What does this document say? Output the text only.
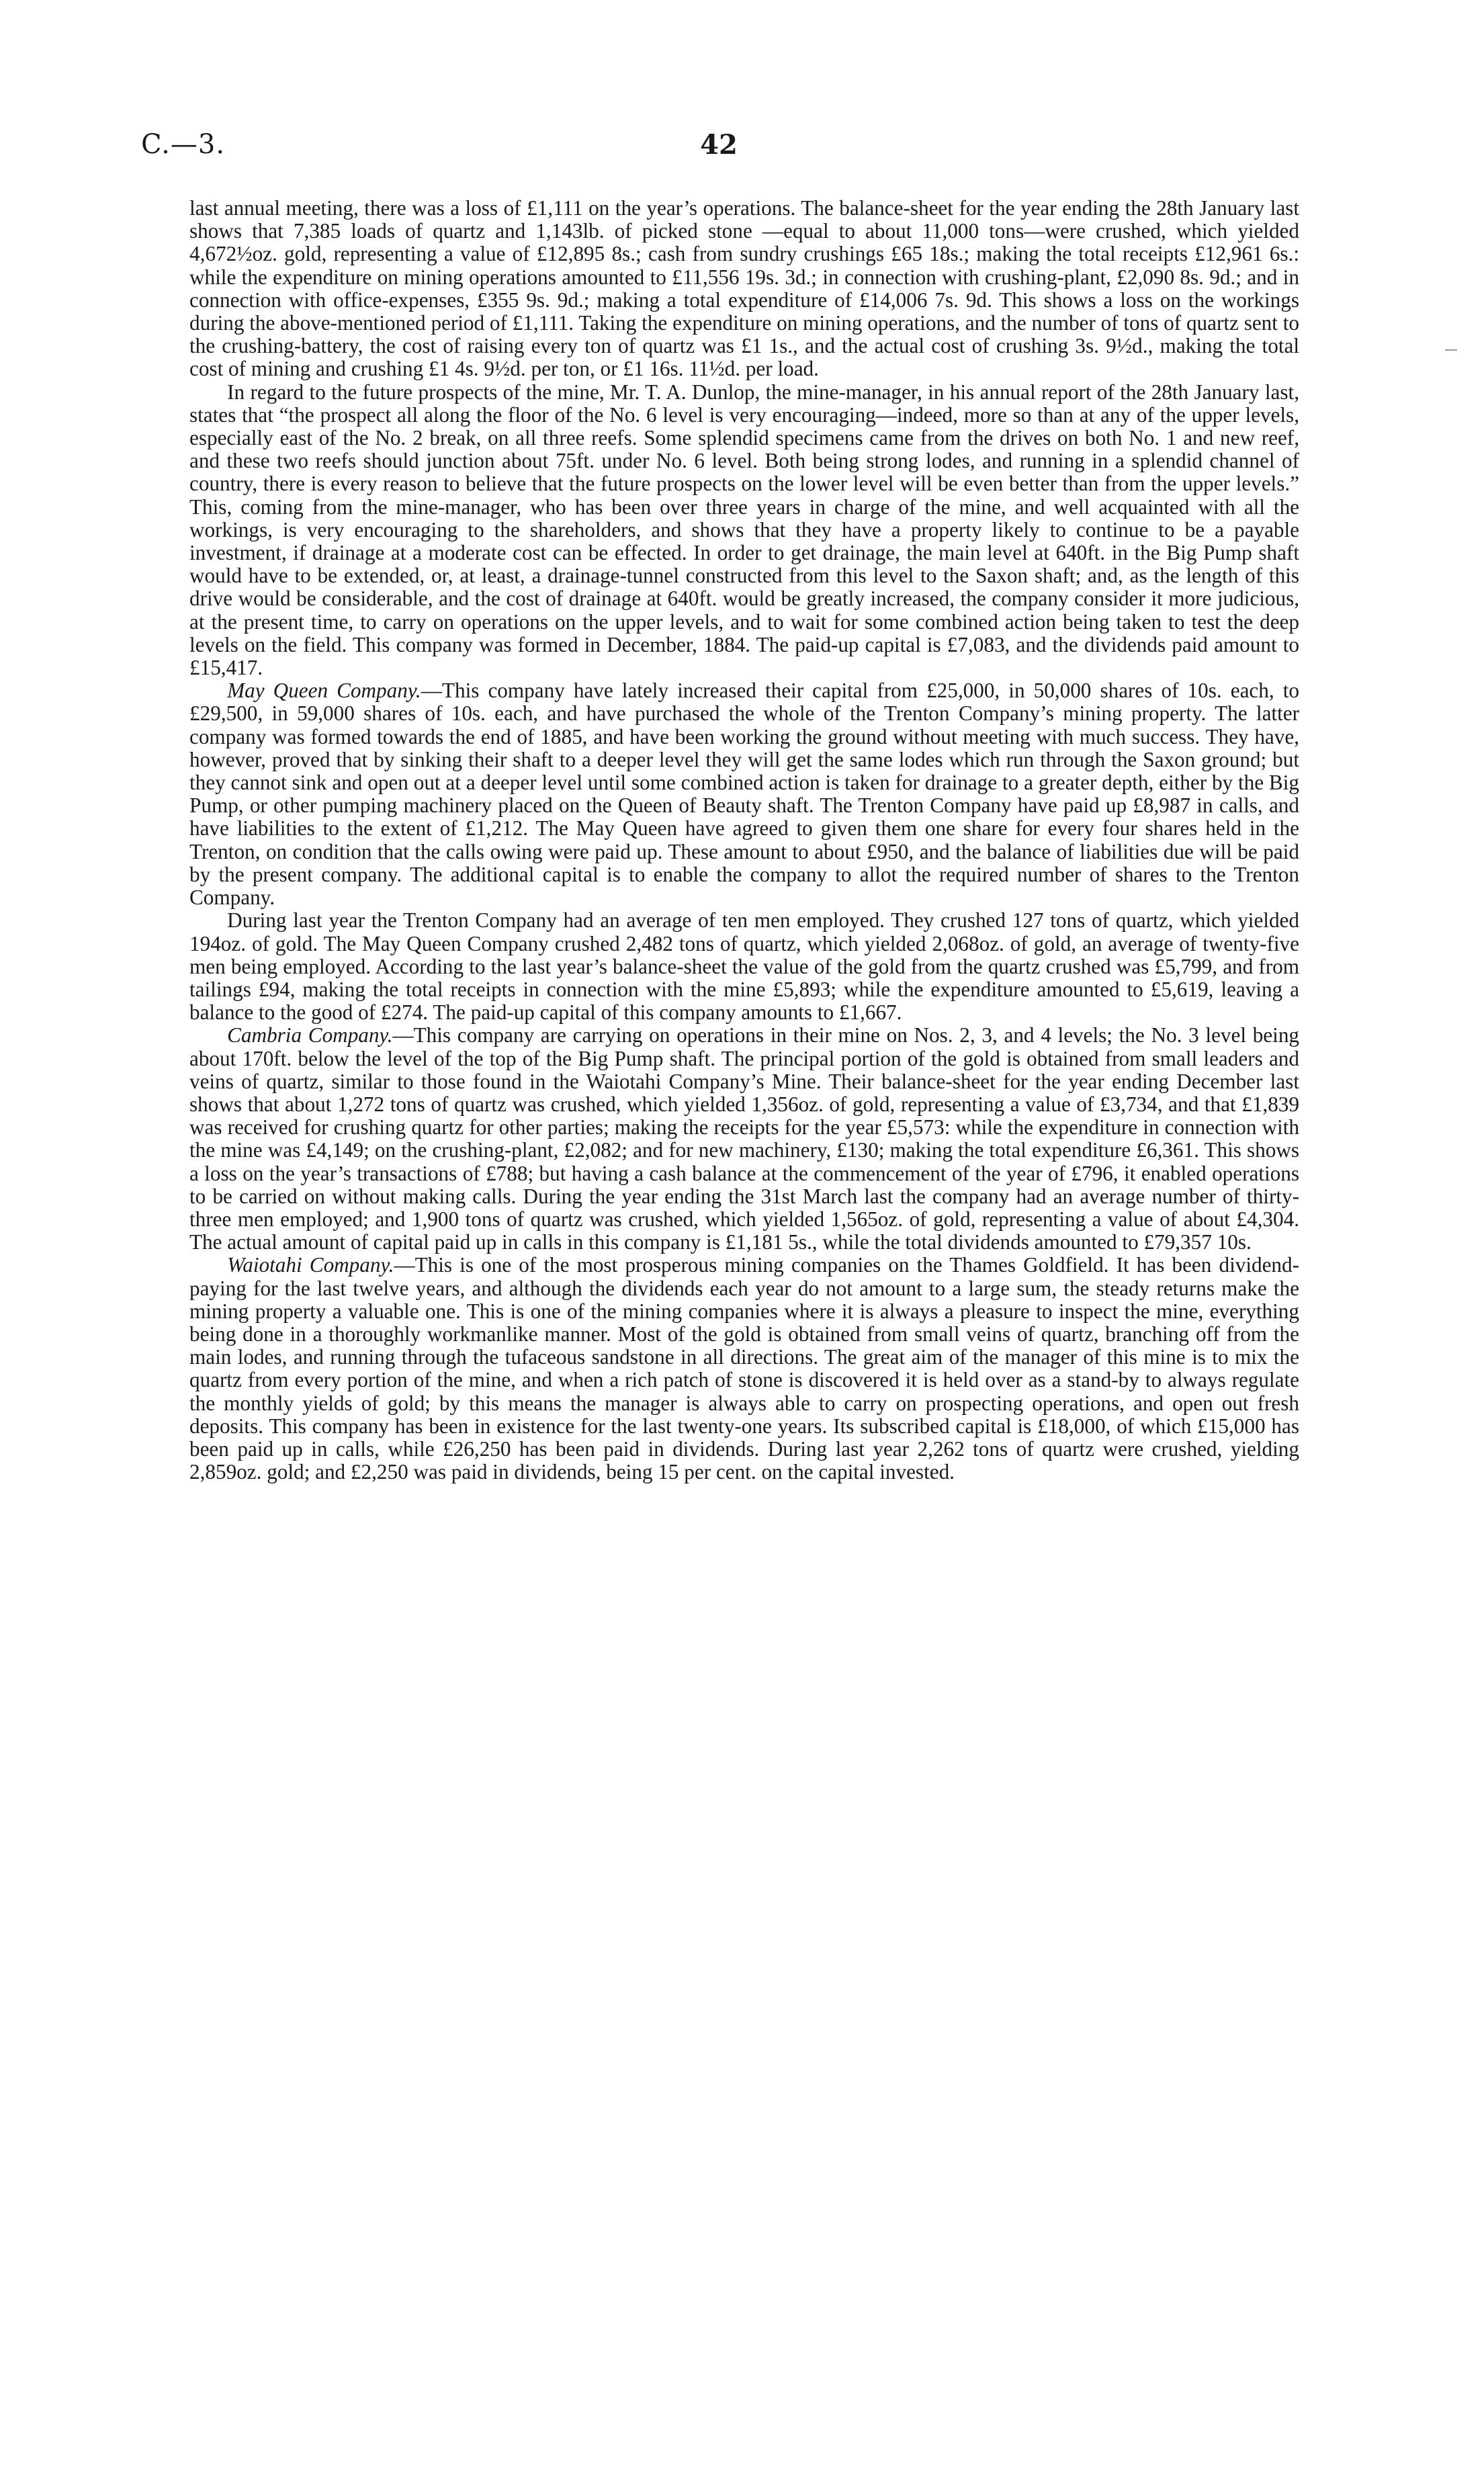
C.—3.	42

last annual meeting, there was a loss of £1,111 on the year’s operations. The balance-sheet for the year ending the 28th January last shows that 7,385 loads of quartz and 1,143lb. of picked stone —equal to about 11,000 tons—were crushed, which yielded 4,672½oz. gold, representing a value of £12,895 8s.; cash from sundry crushings £65 18s.; making the total receipts £12,961 6s.: while the expenditure on mining operations amounted to £11,556 19s. 3d.; in connection with crushing-plant, £2,090 8s. 9d.; and in connection with office-expenses, £355 9s. 9d.; making a total expenditure of £14,006 7s. 9d. This shows a loss on the workings during the above-mentioned period of £1,111. Taking the expenditure on mining operations, and the number of tons of quartz sent to the crushing-battery, the cost of raising every ton of quartz was £1 1s., and the actual cost of crushing 3s. 9½d., making the total cost of mining and crushing £1 4s. 9½d. per ton, or £1 16s. 11½d. per load.

In regard to the future prospects of the mine, Mr. T. A. Dunlop, the mine-manager, in his annual report of the 28th January last, states that “the prospect all along the floor of the No. 6 level is very encouraging—indeed, more so than at any of the upper levels, especially east of the No. 2 break, on all three reefs. Some splendid specimens came from the drives on both No. 1 and new reef, and these two reefs should junction about 75ft. under No. 6 level. Both being strong lodes, and running in a splendid channel of country, there is every reason to believe that the future prospects on the lower level will be even better than from the upper levels.” This, coming from the mine-manager, who has been over three years in charge of the mine, and well acquainted with all the workings, is very encouraging to the shareholders, and shows that they have a property likely to continue to be a payable investment, if drainage at a moderate cost can be effected. In order to get drainage, the main level at 640ft. in the Big Pump shaft would have to be extended, or, at least, a drainage-tunnel constructed from this level to the Saxon shaft; and, as the length of this drive would be considerable, and the cost of drainage at 640ft. would be greatly increased, the company consider it more judicious, at the present time, to carry on operations on the upper levels, and to wait for some combined action being taken to test the deep levels on the field. This company was formed in December, 1884. The paid-up capital is £7,083, and the dividends paid amount to £15,417.

May Queen Company.—This company have lately increased their capital from £25,000, in 50,000 shares of 10s. each, to £29,500, in 59,000 shares of 10s. each, and have purchased the whole of the Trenton Company’s mining property. The latter company was formed towards the end of 1885, and have been working the ground without meeting with much success. They have, however, proved that by sinking their shaft to a deeper level they will get the same lodes which run through the Saxon ground; but they cannot sink and open out at a deeper level until some combined action is taken for drainage to a greater depth, either by the Big Pump, or other pumping machinery placed on the Queen of Beauty shaft. The Trenton Company have paid up £8,987 in calls, and have liabilities to the extent of £1,212. The May Queen have agreed to given them one share for every four shares held in the Trenton, on condition that the calls owing were paid up. These amount to about £950, and the balance of liabilities due will be paid by the present company. The additional capital is to enable the company to allot the required number of shares to the Trenton Company.

During last year the Trenton Company had an average of ten men employed. They crushed 127 tons of quartz, which yielded 194oz. of gold. The May Queen Company crushed 2,482 tons of quartz, which yielded 2,068oz. of gold, an average of twenty-five men being employed. According to the last year’s balance-sheet the value of the gold from the quartz crushed was £5,799, and from tailings £94, making the total receipts in connection with the mine £5,893; while the expenditure amounted to £5,619, leaving a balance to the good of £274. The paid-up capital of this company amounts to £1,667.

Cambria Company.—This company are carrying on operations in their mine on Nos. 2, 3, and 4 levels; the No. 3 level being about 170ft. below the level of the top of the Big Pump shaft. The principal portion of the gold is obtained from small leaders and veins of quartz, similar to those found in the Waiotahi Company’s Mine. Their balance-sheet for the year ending December last shows that about 1,272 tons of quartz was crushed, which yielded 1,356oz. of gold, representing a value of £3,734, and that £1,839 was received for crushing quartz for other parties; making the receipts for the year £5,573: while the expenditure in connection with the mine was £4,149; on the crushing-plant, £2,082; and for new machinery, £130; making the total expenditure £6,361. This shows a loss on the year’s transactions of £788; but having a cash balance at the commencement of the year of £796, it enabled operations to be carried on without making calls. During the year ending the 31st March last the company had an average number of thirty-three men employed; and 1,900 tons of quartz was crushed, which yielded 1,565oz. of gold, representing a value of about £4,304. The actual amount of capital paid up in calls in this company is £1,181 5s., while the total dividends amounted to £79,357 10s.

Waiotahi Company.—This is one of the most prosperous mining companies on the Thames Goldfield. It has been dividend-paying for the last twelve years, and although the dividends each year do not amount to a large sum, the steady returns make the mining property a valuable one. This is one of the mining companies where it is always a pleasure to inspect the mine, everything being done in a thoroughly workmanlike manner. Most of the gold is obtained from small veins of quartz, branching off from the main lodes, and running through the tufaceous sandstone in all directions. The great aim of the manager of this mine is to mix the quartz from every portion of the mine, and when a rich patch of stone is discovered it is held over as a stand-by to always regulate the monthly yields of gold; by this means the manager is always able to carry on prospecting operations, and open out fresh deposits. This company has been in existence for the last twenty-one years. Its subscribed capital is £18,000, of which £15,000 has been paid up in calls, while £26,250 has been paid in dividends. During last year 2,262 tons of quartz were crushed, yielding 2,859oz. gold; and £2,250 was paid in dividends, being 15 per cent. on the capital invested.
